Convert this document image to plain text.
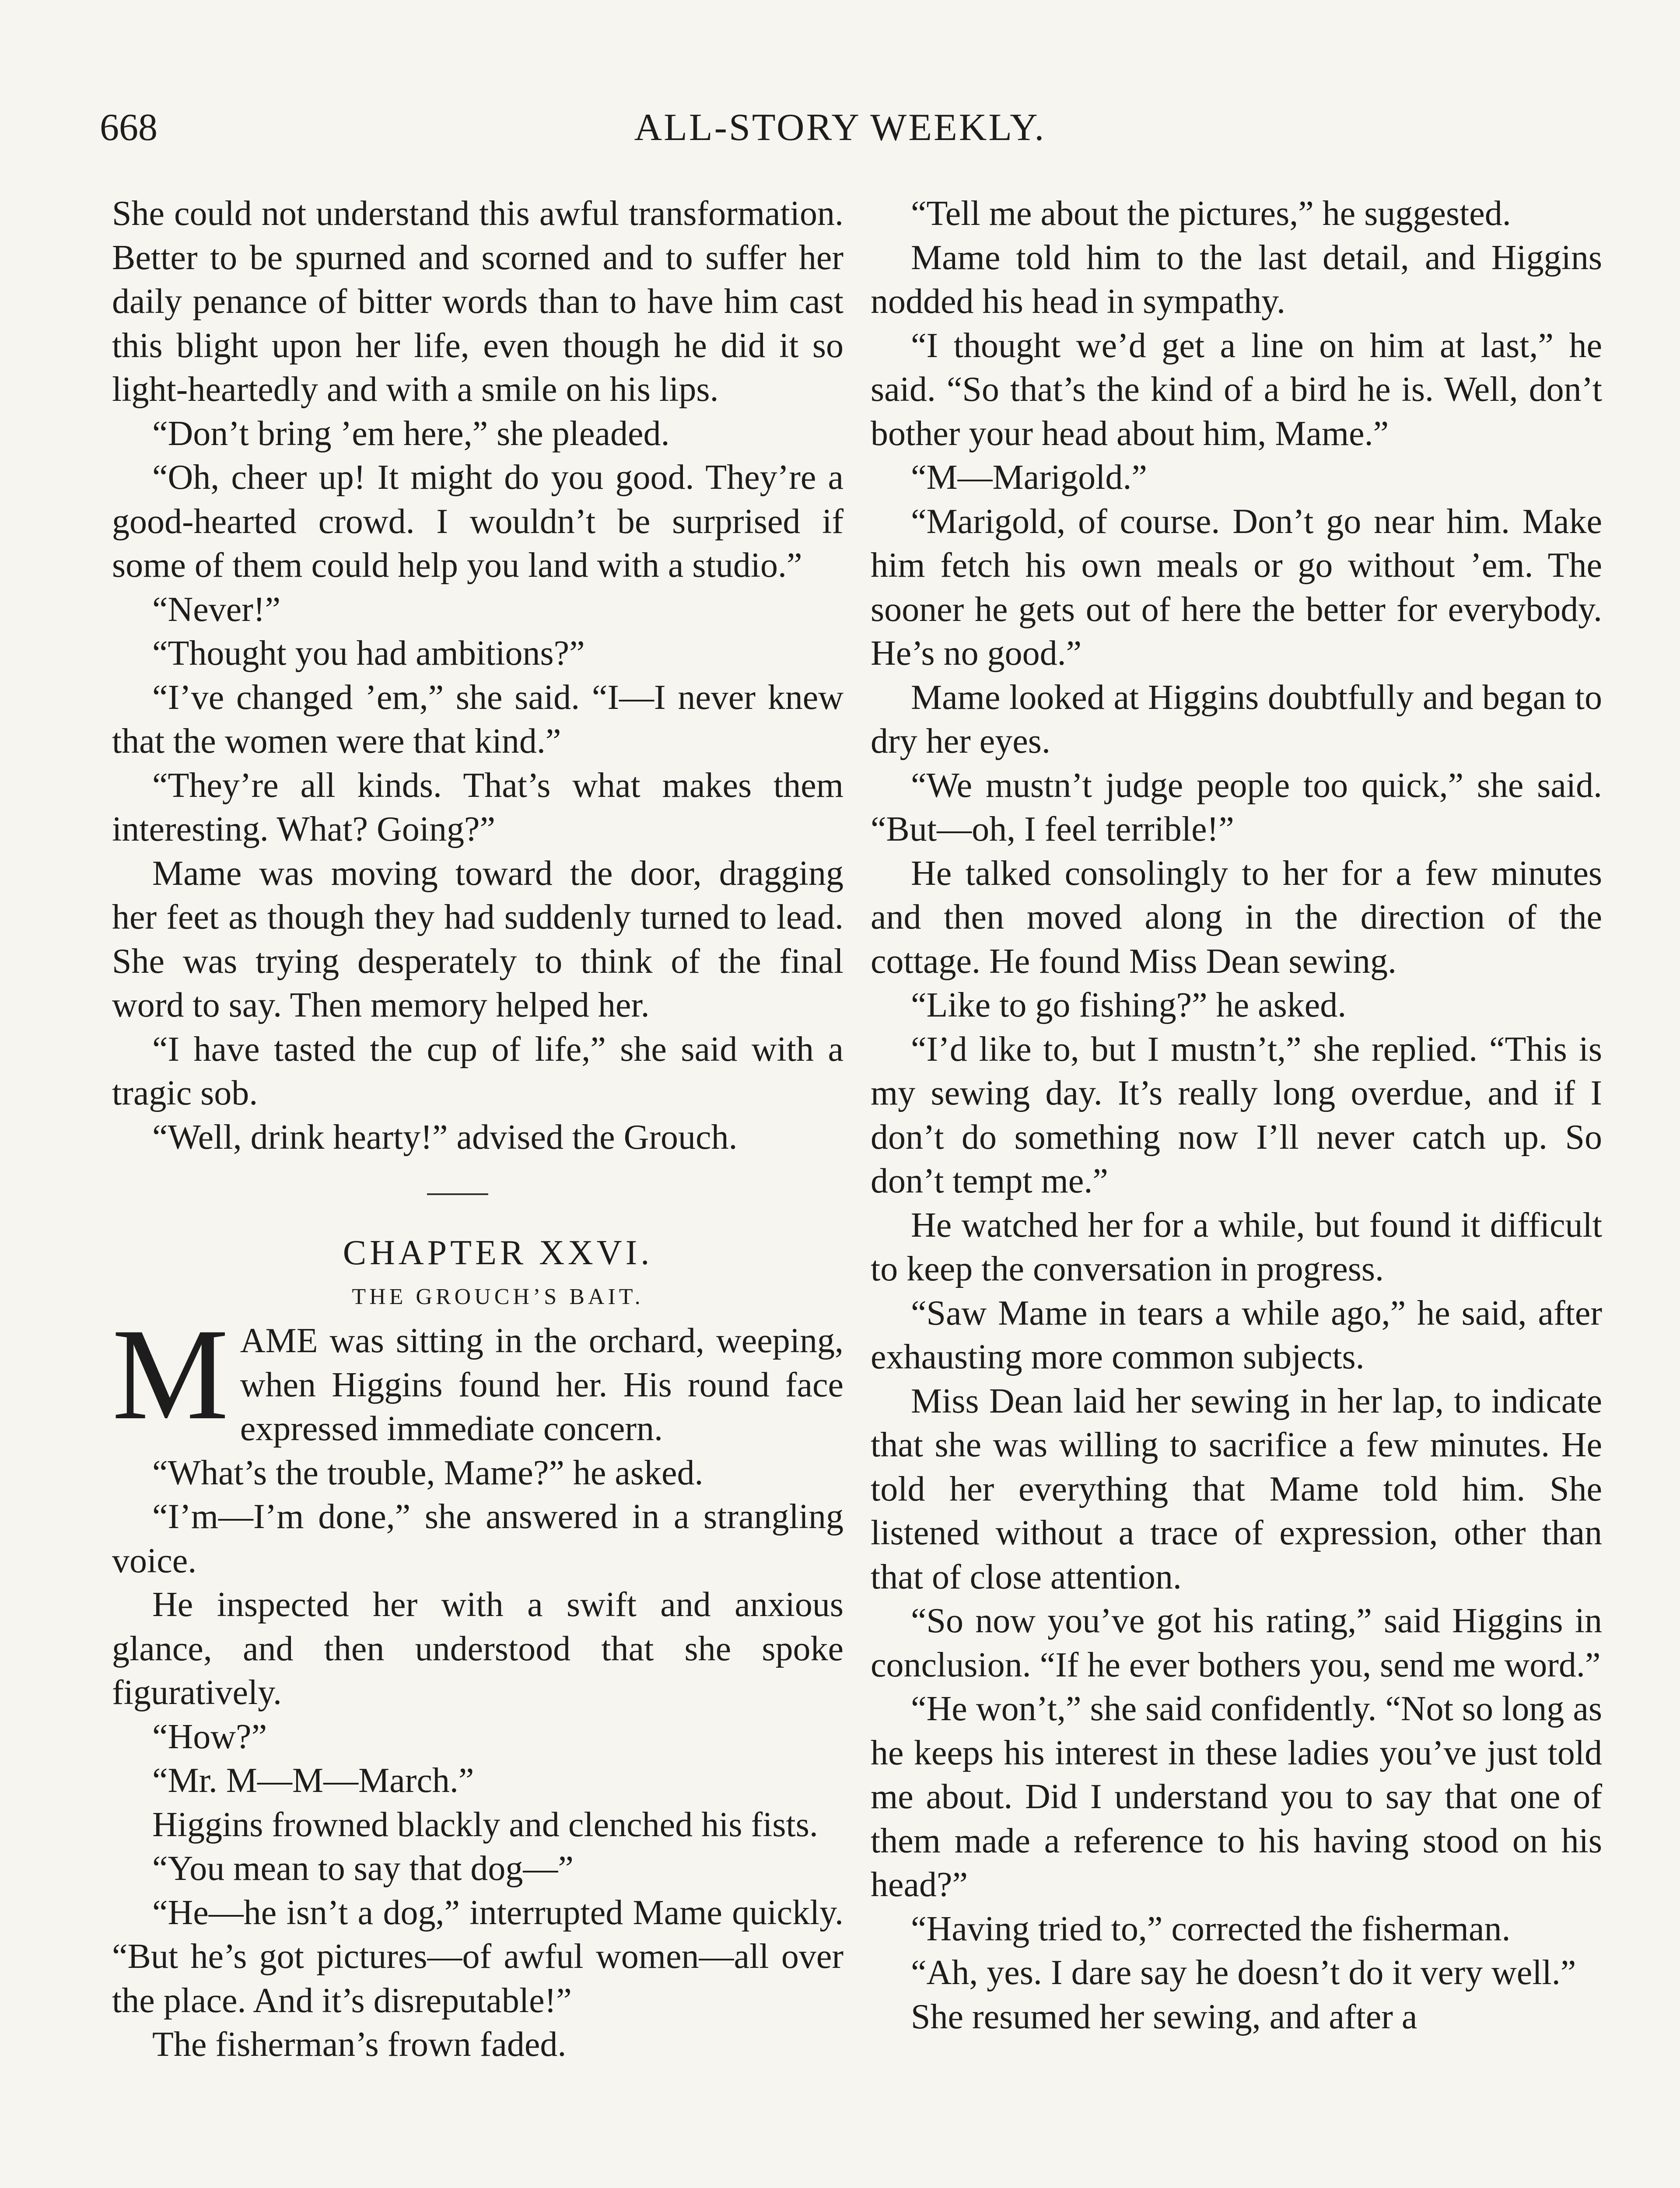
668	ALL-STORY WEEKLY.

She could not understand this awful transformation. Better to be spurned and scorned and to suffer her daily penance of bitter words than to have him cast this blight upon her life, even though he did it so light-heartedly and with a smile on his lips.

“Don’t bring ’em here,” she pleaded.

“Oh, cheer up! It might do you good. They’re a good-hearted crowd. I wouldn’t be surprised if some of them could help you land with a studio.”

“Never!”

“Thought you had ambitions?”

“I’ve changed ’em,” she said. “I—I never knew that the women were that kind.”

“They’re all kinds. That’s what makes them interesting. What? Going?”

Mame was moving toward the door, dragging her feet as though they had suddenly turned to lead. She was trying desperately to think of the final word to say. Then memory helped her.

“I have tasted the cup of life,” she said with a tragic sob.

“Well, drink hearty!” advised the Grouch.

CHAPTER XXVI.

THE GROUCH’S BAIT.

MAME was sitting in the orchard, weeping, when Higgins found her. His round face expressed immediate concern.

“What’s the trouble, Mame?” he asked.

“I’m—I’m done,” she answered in a strangling voice.

He inspected her with a swift and anxious glance, and then understood that she spoke figuratively.

“How?”

“Mr. M—M—March.”

Higgins frowned blackly and clenched his fists.

“You mean to say that dog—”

“He—he isn’t a dog,” interrupted Mame quickly. “But he’s got pictures—of awful women—all over the place. And it’s disreputable!”

The fisherman’s frown faded.

“Tell me about the pictures,” he suggested.

Mame told him to the last detail, and Higgins nodded his head in sympathy.

“I thought we’d get a line on him at last,” he said. “So that’s the kind of a bird he is. Well, don’t bother your head about him, Mame.”

“M—Marigold.”

“Marigold, of course. Don’t go near him. Make him fetch his own meals or go without ’em. The sooner he gets out of here the better for everybody. He’s no good.”

Mame looked at Higgins doubtfully and began to dry her eyes.

“We mustn’t judge people too quick,” she said. “But—oh, I feel terrible!”

He talked consolingly to her for a few minutes and then moved along in the direction of the cottage. He found Miss Dean sewing.

“Like to go fishing?” he asked.

“I’d like to, but I mustn’t,” she replied. “This is my sewing day. It’s really long overdue, and if I don’t do something now I’ll never catch up. So don’t tempt me.”

He watched her for a while, but found it difficult to keep the conversation in progress.

“Saw Mame in tears a while ago,” he said, after exhausting more common subjects.

Miss Dean laid her sewing in her lap, to indicate that she was willing to sacrifice a few minutes. He told her everything that Mame told him. She listened without a trace of expression, other than that of close attention.

“So now you’ve got his rating,” said Higgins in conclusion. “If he ever bothers you, send me word.”

“He won’t,” she said confidently. “Not so long as he keeps his interest in these ladies you’ve just told me about. Did I understand you to say that one of them made a reference to his having stood on his head?”

“Having tried to,” corrected the fisherman.

“Ah, yes. I dare say he doesn’t do it very well.”

She resumed her sewing, and after a
